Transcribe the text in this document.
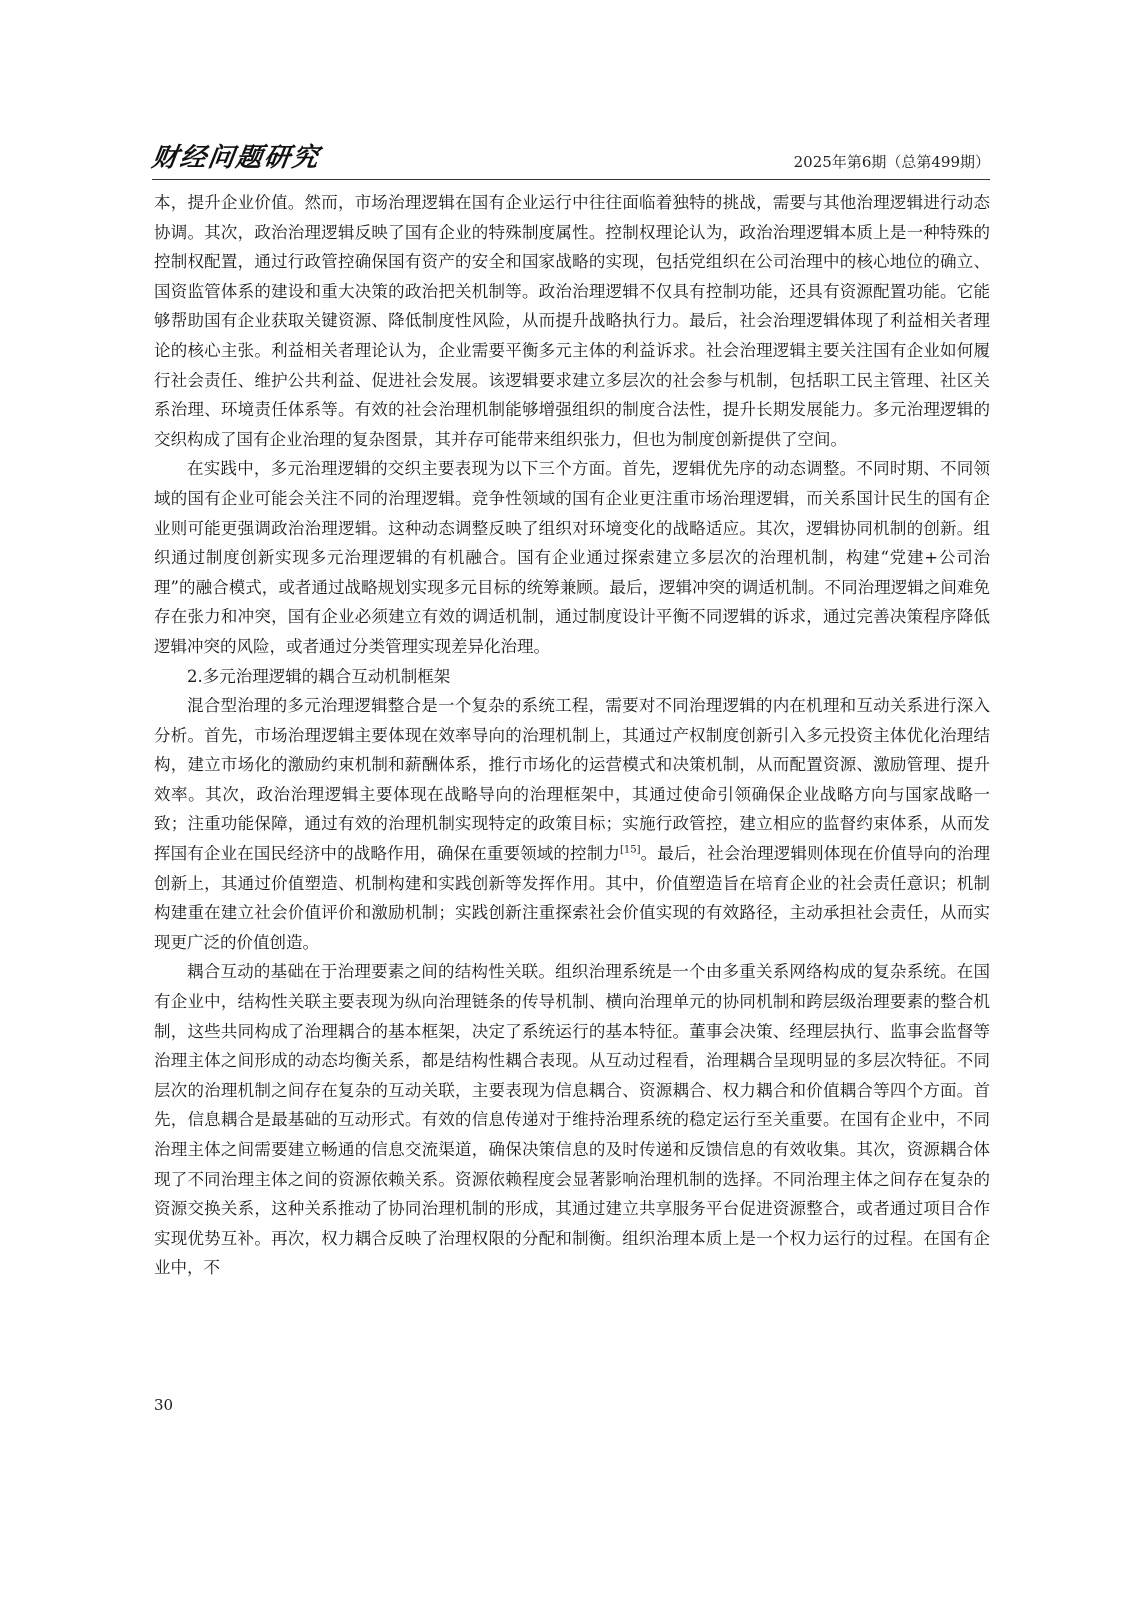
财经问题研究	2025年第6期（总第499期）

本，提升企业价值。然而，市场治理逻辑在国有企业运行中往往面临着独特的挑战，需要与其他治理逻辑进行动态协调。其次，政治治理逻辑反映了国有企业的特殊制度属性。控制权理论认为，政治治理逻辑本质上是一种特殊的控制权配置，通过行政管控确保国有资产的安全和国家战略的实现，包括党组织在公司治理中的核心地位的确立、国资监管体系的建设和重大决策的政治把关机制等。政治治理逻辑不仅具有控制功能，还具有资源配置功能。它能够帮助国有企业获取关键资源、降低制度性风险，从而提升战略执行力。最后，社会治理逻辑体现了利益相关者理论的核心主张。利益相关者理论认为，企业需要平衡多元主体的利益诉求。社会治理逻辑主要关注国有企业如何履行社会责任、维护公共利益、促进社会发展。该逻辑要求建立多层次的社会参与机制，包括职工民主管理、社区关系治理、环境责任体系等。有效的社会治理机制能够增强组织的制度合法性，提升长期发展能力。多元治理逻辑的交织构成了国有企业治理的复杂图景，其并存可能带来组织张力，但也为制度创新提供了空间。

在实践中，多元治理逻辑的交织主要表现为以下三个方面。首先，逻辑优先序的动态调整。不同时期、不同领域的国有企业可能会关注不同的治理逻辑。竞争性领域的国有企业更注重市场治理逻辑，而关系国计民生的国有企业则可能更强调政治治理逻辑。这种动态调整反映了组织对环境变化的战略适应。其次，逻辑协同机制的创新。组织通过制度创新实现多元治理逻辑的有机融合。国有企业通过探索建立多层次的治理机制，构建“党建+公司治理”的融合模式，或者通过战略规划实现多元目标的统筹兼顾。最后，逻辑冲突的调适机制。不同治理逻辑之间难免存在张力和冲突，国有企业必须建立有效的调适机制，通过制度设计平衡不同逻辑的诉求，通过完善决策程序降低逻辑冲突的风险，或者通过分类管理实现差异化治理。

2.多元治理逻辑的耦合互动机制框架

混合型治理的多元治理逻辑整合是一个复杂的系统工程，需要对不同治理逻辑的内在机理和互动关系进行深入分析。首先，市场治理逻辑主要体现在效率导向的治理机制上，其通过产权制度创新引入多元投资主体优化治理结构，建立市场化的激励约束机制和薪酬体系，推行市场化的运营模式和决策机制，从而配置资源、激励管理、提升效率。其次，政治治理逻辑主要体现在战略导向的治理框架中，其通过使命引领确保企业战略方向与国家战略一致；注重功能保障，通过有效的治理机制实现特定的政策目标；实施行政管控，建立相应的监督约束体系，从而发挥国有企业在国民经济中的战略作用，确保在重要领域的控制力[15]。最后，社会治理逻辑则体现在价值导向的治理创新上，其通过价值塑造、机制构建和实践创新等发挥作用。其中，价值塑造旨在培育企业的社会责任意识；机制构建重在建立社会价值评价和激励机制；实践创新注重探索社会价值实现的有效路径，主动承担社会责任，从而实现更广泛的价值创造。

耦合互动的基础在于治理要素之间的结构性关联。组织治理系统是一个由多重关系网络构成的复杂系统。在国有企业中，结构性关联主要表现为纵向治理链条的传导机制、横向治理单元的协同机制和跨层级治理要素的整合机制，这些共同构成了治理耦合的基本框架，决定了系统运行的基本特征。董事会决策、经理层执行、监事会监督等治理主体之间形成的动态均衡关系，都是结构性耦合表现。从互动过程看，治理耦合呈现明显的多层次特征。不同层次的治理机制之间存在复杂的互动关联，主要表现为信息耦合、资源耦合、权力耦合和价值耦合等四个方面。首先，信息耦合是最基础的互动形式。有效的信息传递对于维持治理系统的稳定运行至关重要。在国有企业中，不同治理主体之间需要建立畅通的信息交流渠道，确保决策信息的及时传递和反馈信息的有效收集。其次，资源耦合体现了不同治理主体之间的资源依赖关系。资源依赖程度会显著影响治理机制的选择。不同治理主体之间存在复杂的资源交换关系，这种关系推动了协同治理机制的形成，其通过建立共享服务平台促进资源整合，或者通过项目合作实现优势互补。再次，权力耦合反映了治理权限的分配和制衡。组织治理本质上是一个权力运行的过程。在国有企业中，不

30
